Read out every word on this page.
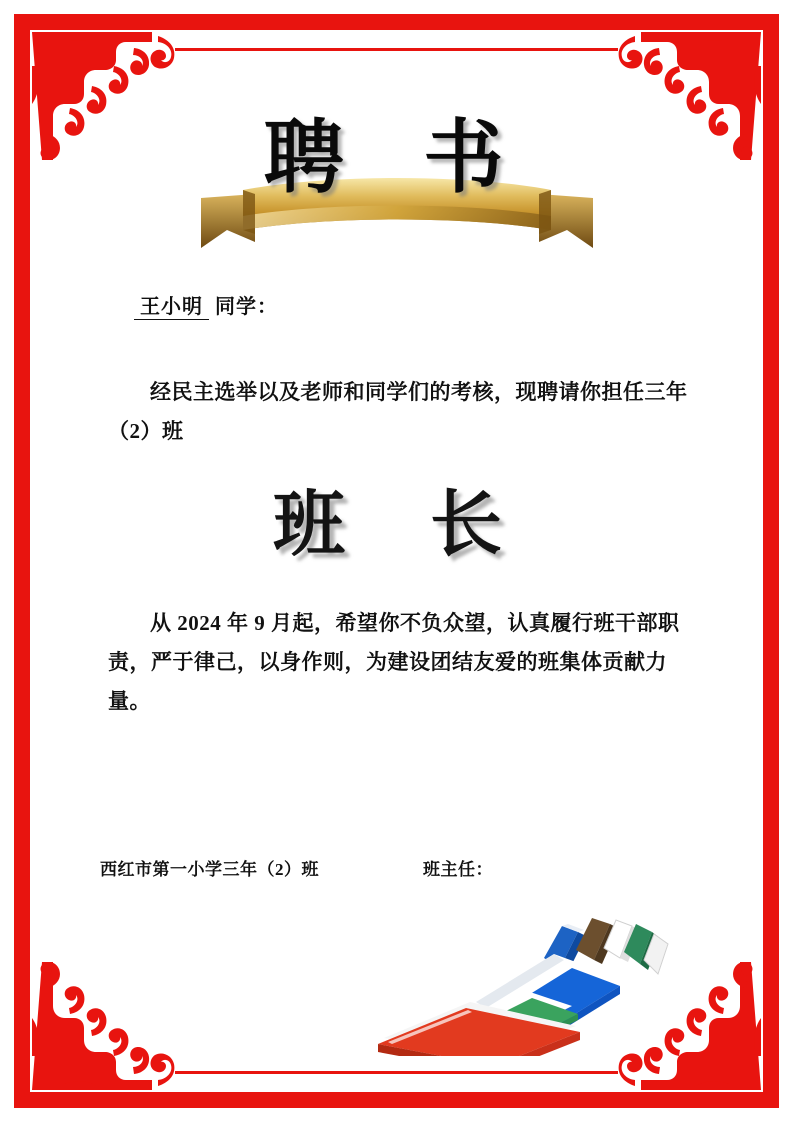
聘 书

王小明 同学：

经民主选举以及老师和同学们的考核，现聘请你担任三年（2）班

班 长

从 2024 年 9 月起，希望你不负众望，认真履行班干部职责，严于律己，以身作则，为建设团结友爱的班集体贡献力量。

西红市第一小学三年（2）班	班主任：
